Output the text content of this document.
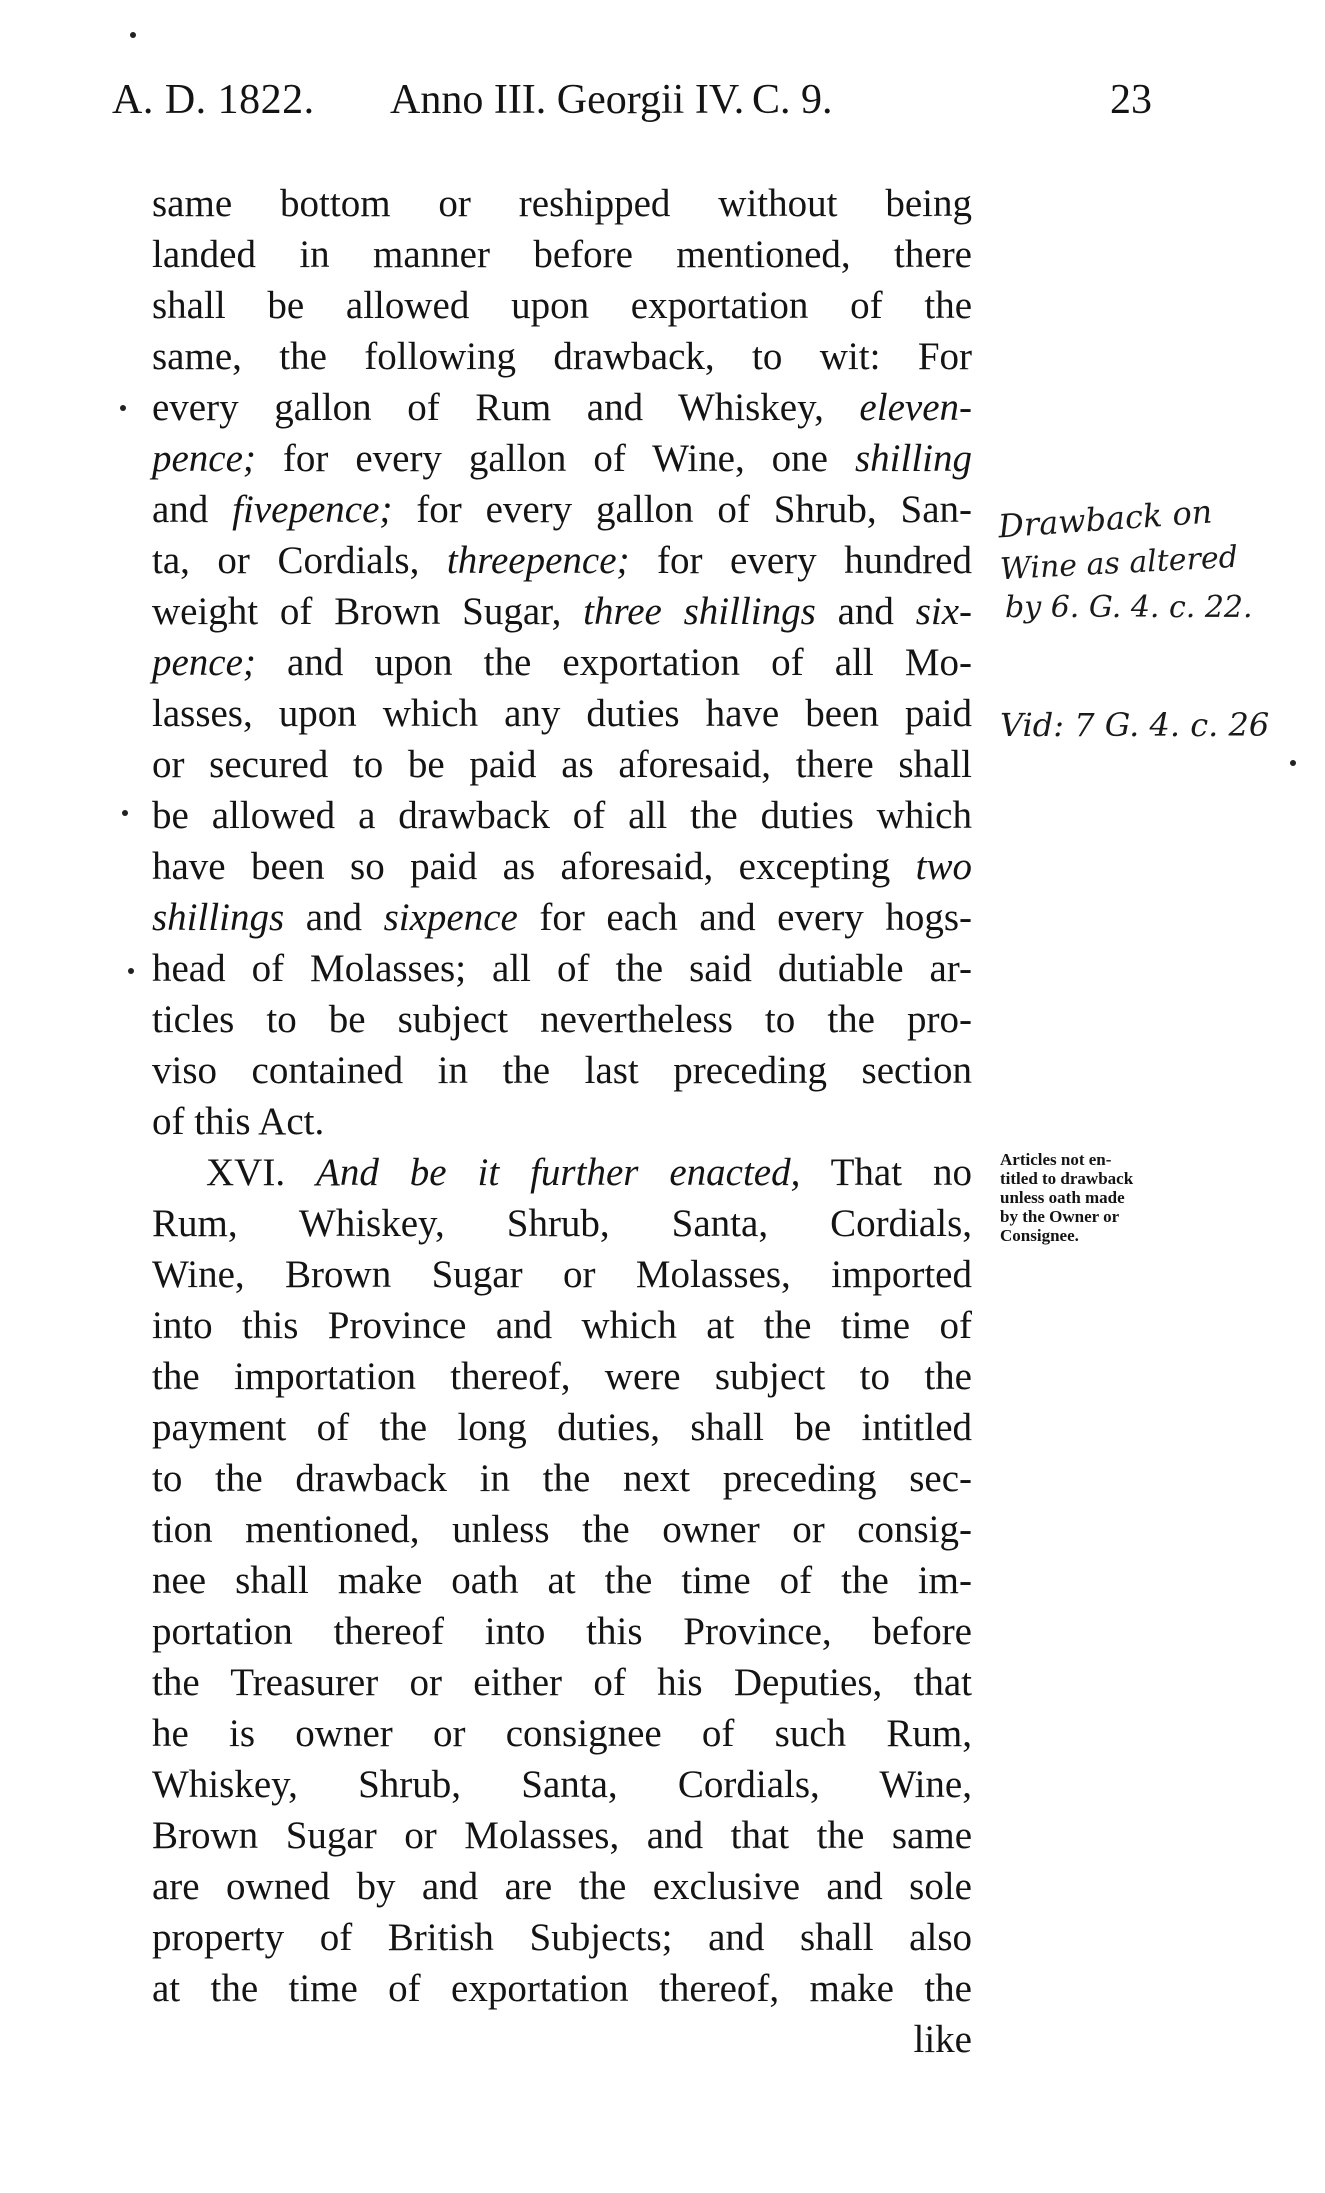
A. D. 1822. Anno III. Georgii IV. C. 9.	23
same bottom or reshipped without being
landed in manner before mentioned, there
shall be allowed upon exportation of the
same, the following drawback, to wit: For
every gallon of Rum and Whiskey, eleven-
pence; for every gallon of Wine, one shilling
and fivepence; for every gallon of Shrub, San-
ta, or Cordials, threepence; for every hundred
weight of Brown Sugar, three shillings and six-
pence; and upon the exportation of all Mo-
lasses, upon which any duties have been paid
or secured to be paid as aforesaid, there shall
be allowed a drawback of all the duties which
have been so paid as aforesaid, excepting two
shillings and sixpence for each and every hogs-
head of Molasses; all of the said dutiable ar-
ticles to be subject nevertheless to the pro-
viso contained in the last preceding section
of this Act.
XVI. And be it further enacted, That no
Rum, Whiskey, Shrub, Santa, Cordials,
Wine, Brown Sugar or Molasses, imported
into this Province and which at the time of
the importation thereof, were subject to the
payment of the long duties, shall be intitled
to the drawback in the next preceding sec-
tion mentioned, unless the owner or consig-
nee shall make oath at the time of the im-
portation thereof into this Province, before
the Treasurer or either of his Deputies, that
he is owner or consignee of such Rum,
Whiskey, Shrub, Santa, Cordials, Wine,
Brown Sugar or Molasses, and that the same
are owned by and are the exclusive and sole
property of British Subjects; and shall also
at the time of exportation thereof, make the
like
Articles not en-
titled to drawback
unless oath made
by the Owner or
Consignee.
Drawback on
Wine as altered
by 6. G. 4. c. 22.
Vid: 7 G. 4. c. 26
